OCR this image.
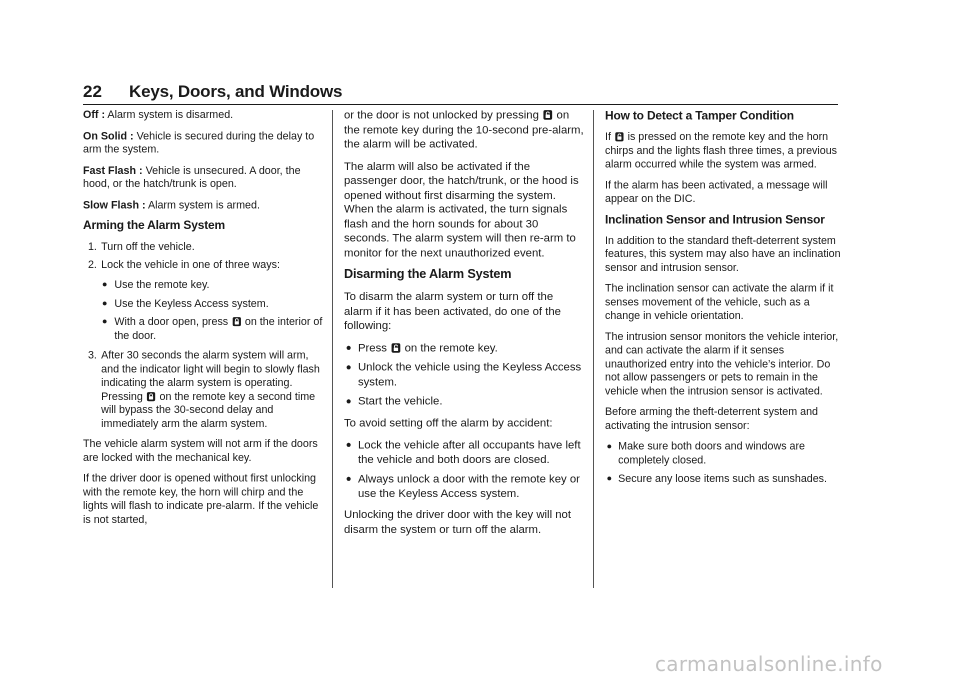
22 Keys, Doors, and Windows

Off : Alarm system is disarmed.

On Solid : Vehicle is secured during the delay to arm the system.

Fast Flash : Vehicle is unsecured. A door, the hood, or the hatch/trunk is open.

Slow Flash : Alarm system is armed.

Arming the Alarm System
1. Turn off the vehicle.
2. Lock the vehicle in one of three ways:
● Use the remote key.
● Use the Keyless Access system.
● With a door open, press
on the interior of the door.
3. After 30 seconds the alarm system will arm, and the indicator light will begin to slowly flash indicating the alarm system is operating. Pressing
on the remote key a second time will bypass the 30-second delay and immediately arm the alarm system.

The vehicle alarm system will not arm if the doors are locked with the mechanical key.

If the driver door is opened without first unlocking with the remote key, the horn will chirp and the lights will flash to indicate pre-alarm. If the vehicle is not started,

or the door is not unlocked by pressing
on the remote key during the 10-second pre-alarm, the alarm will be activated.

The alarm will also be activated if the passenger door, the hatch/trunk, or the hood is opened without first disarming the system. When the alarm is activated, the turn signals flash and the horn sounds for about 30 seconds. The alarm system will then re-arm to monitor for the next unauthorized event.

Disarming the Alarm System

To disarm the alarm system or turn off the alarm if it has been activated, do one of the following:

● Press
on the remote key.
● Unlock the vehicle using the Keyless Access system.
● Start the vehicle.

To avoid setting off the alarm by accident:

● Lock the vehicle after all occupants have left the vehicle and both doors are closed.
● Always unlock a door with the remote key or use the Keyless Access system.

Unlocking the driver door with the key will not disarm the system or turn off the alarm.

How to Detect a Tamper Condition

If
is pressed on the remote key and the horn chirps and the lights flash three times, a previous alarm occurred while the system was armed.

If the alarm has been activated, a message will appear on the DIC.

Inclination Sensor and Intrusion Sensor

In addition to the standard theft-deterrent system features, this system may also have an inclination sensor and intrusion sensor.

The inclination sensor can activate the alarm if it senses movement of the vehicle, such as a change in vehicle orientation.

The intrusion sensor monitors the vehicle interior, and can activate the alarm if it senses unauthorized entry into the vehicle’s interior. Do not allow passengers or pets to remain in the vehicle when the intrusion sensor is activated.

Before arming the theft-deterrent system and activating the intrusion sensor:

● Make sure both doors and windows are completely closed.
● Secure any loose items such as sunshades.
carmanualsonline.info
